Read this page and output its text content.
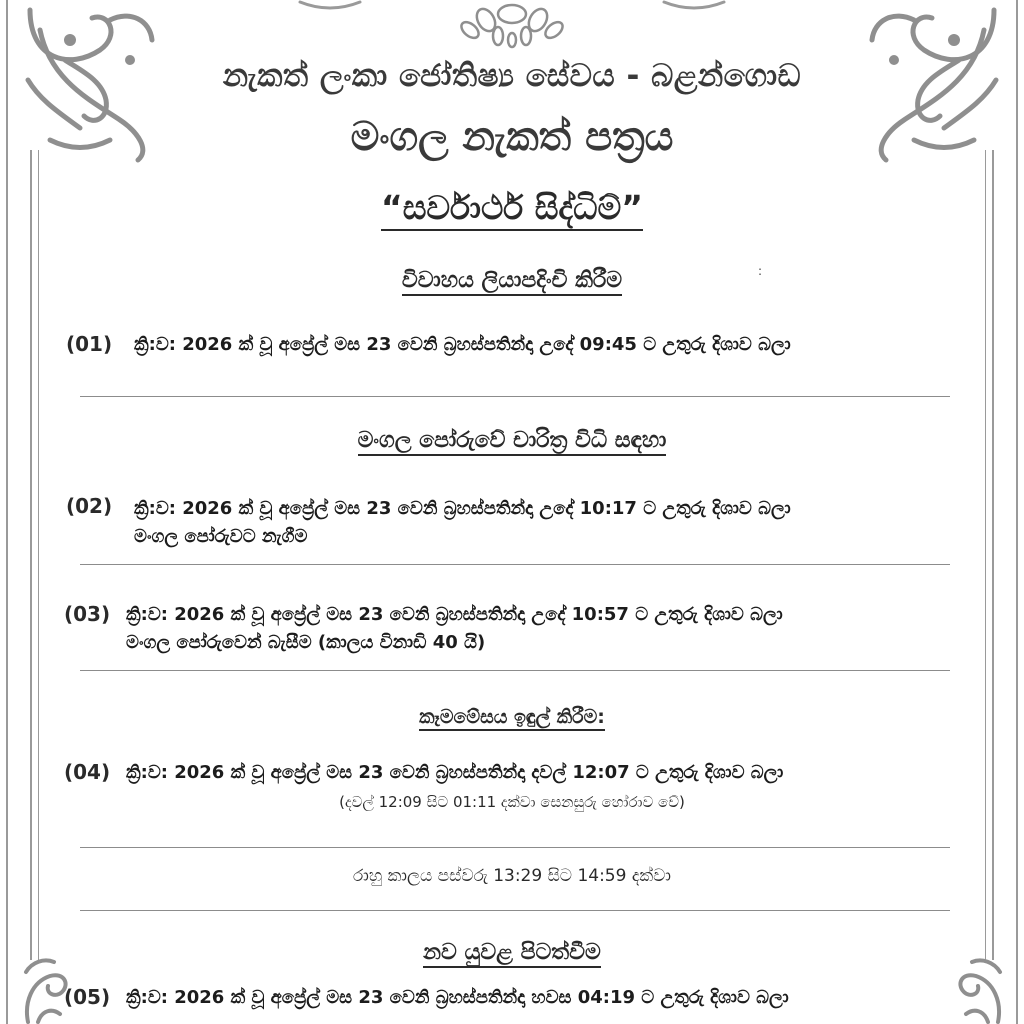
නැකත් ලංකා ජෝතිෂ්‍ය සේවය - බළන්ගොඩ
මංගල නැකත් පත්‍රය
“සර්වාර්ථ සිද්ධිම්”
:
විවාහය ලියාපදිංචි කිරීම
(01) ක්‍රි:ව: 2026 ක් වූ අප්‍රේල් මස 23 වෙනි බ්‍රහස්පතින්දා උදේ 09:45 ට උතුරු දිශාව බලා
මංගල පෝරුවේ චාරිත්‍ර විධි සඳහා
(02) ක්‍රි:ව: 2026 ක් වූ අප්‍රේල් මස 23 වෙනි බ්‍රහස්පතින්දා උදේ 10:17 ට උතුරු දිශාව බලා
මංගල පෝරුවට නැගීම
(03) ක්‍රි:ව: 2026 ක් වූ අප්‍රේල් මස 23 වෙනි බ්‍රහස්පතින්දා උදේ 10:57 ට උතුරු දිශාව බලා
මංගල පෝරුවෙන් බැසීම (කාලය විනාඩි 40 යි)
කෑමමේසය ඉඳුල් කිරීම:
(04) ක්‍රි:ව: 2026 ක් වූ අප්‍රේල් මස 23 වෙනි බ්‍රහස්පතින්දා දවල් 12:07 ට උතුරු දිශාව බලා
(දවල් 12:09 සිට 01:11 දක්වා සෙනසුරු හෝරාව වේ)
රාහු කාලය පස්වරු 13:29 සිට 14:59 දක්වා
නව යුවළ පිටත්වීම
(05) ක්‍රි:ව: 2026 ක් වූ අප්‍රේල් මස 23 වෙනි බ්‍රහස්පතින්දා හවස 04:19 ට උතුරු දිශාව බලා
